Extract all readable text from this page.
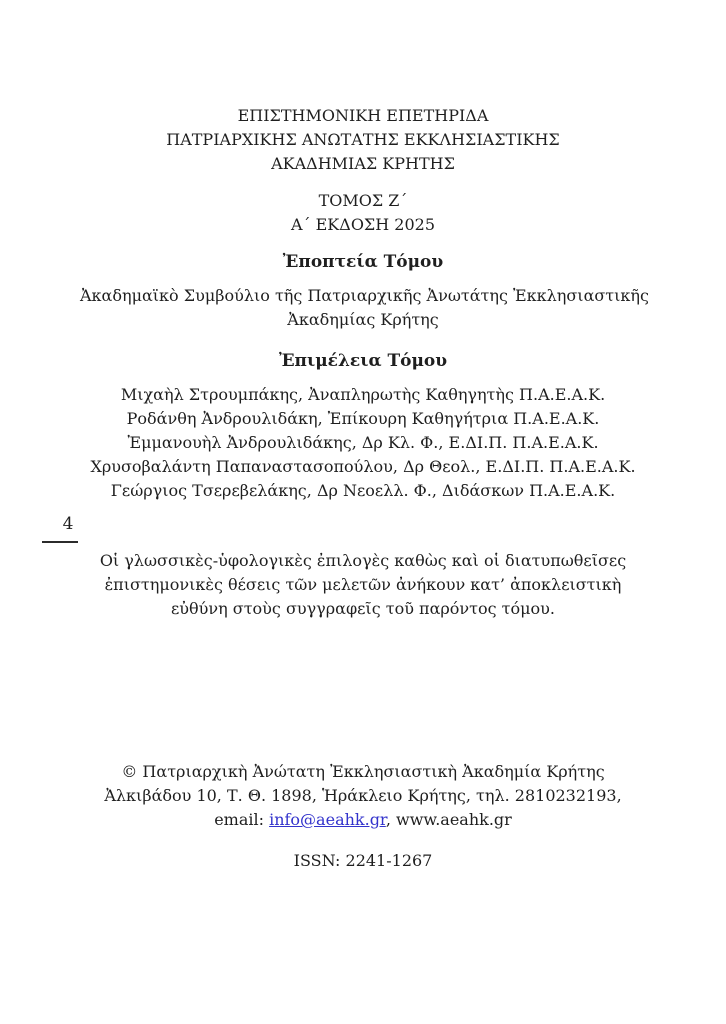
ΕΠΙΣΤΗΜΟΝΙΚΗ ΕΠΕΤΗΡΙΔΑ
ΠΑΤΡΙΑΡΧΙΚΗΣ ΑΝΩΤΑΤΗΣ ΕΚΚΛΗΣΙΑΣΤΙΚΗΣ
ΑΚΑΔΗΜΙΑΣ ΚΡΗΤΗΣ
ΤΟΜΟΣ Ζ΄
Α΄ ΕΚΔΟΣΗ 2025
Ἐποπτεία Τόμου
Ἀκαδημαϊκὸ Συμβούλιο τῆς Πατριαρχικῆς Ἀνωτάτης Ἐκκλησιαστικῆς
Ἀκαδημίας Κρήτης
Ἐπιμέλεια Τόμου
Μιχαὴλ Στρουμπάκης, Ἀναπληρωτὴς Καθηγητὴς Π.Α.Ε.Α.Κ.
Ροδάνθη Ἀνδρουλιδάκη, Ἐπίκουρη Καθηγήτρια Π.Α.Ε.Α.Κ.
Ἐμμανουὴλ Ἀνδρουλιδάκης, Δρ Κλ. Φ., Ε.ΔΙ.Π. Π.Α.Ε.Α.Κ.
Χρυσοβαλάντη Παπαναστασοπούλου, Δρ Θεολ., Ε.ΔΙ.Π. Π.Α.Ε.Α.Κ.
Γεώργιος Τσερεβελάκης, Δρ Νεοελλ. Φ., Διδάσκων Π.Α.Ε.Α.Κ.

Οἱ γλωσσικὲς-ὑφολογικὲς ἐπιλογὲς καθὼς καὶ οἱ διατυπωθεῖσες ἐπιστημονικὲς θέσεις τῶν μελετῶν ἀνήκουν κατ’ ἀποκλειστικὴ εὐθύνη στοὺς συγγραφεῖς τοῦ παρόντος τόμου.

© Πατριαρχικὴ Ἀνώτατη Ἐκκλησιαστικὴ Ἀκαδημία Κρήτης
Ἀλκιβάδου 10, Τ. Θ. 1898, Ἡράκλειο Κρήτης, τηλ. 2810232193,
email: info@aeahk.gr, www.aeahk.gr
ISSN: 2241-1267
4
